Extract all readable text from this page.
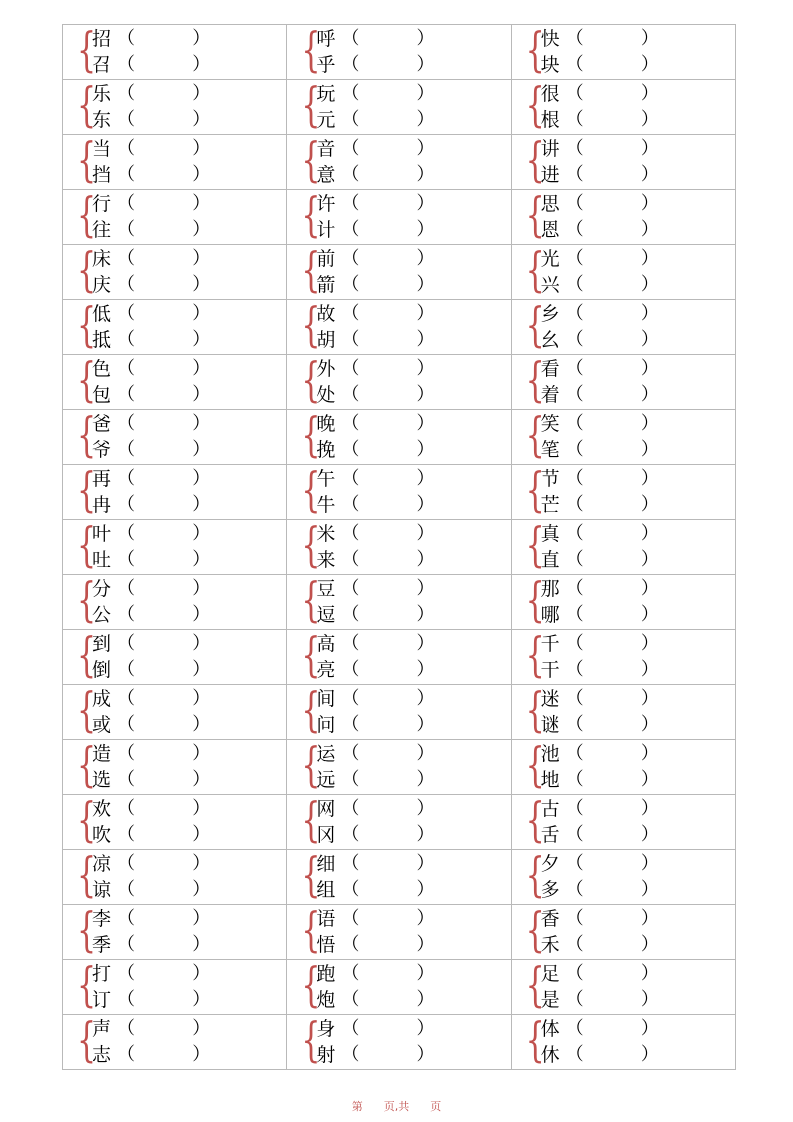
{
招
召
（          ）
（          ）	{
呼
乎
（          ）
（          ）	{
快
块
（          ）
（          ）
{
乐
东
（          ）
（          ）	{
玩
元
（          ）
（          ）	{
很
根
（          ）
（          ）
{
当
挡
（          ）
（          ）	{
音
意
（          ）
（          ）	{
讲
进
（          ）
（          ）
{
行
往
（          ）
（          ）	{
许
计
（          ）
（          ）	{
思
恩
（          ）
（          ）
{
床
庆
（          ）
（          ）	{
前
箭
（          ）
（          ）	{
光
兴
（          ）
（          ）
{
低
抵
（          ）
（          ）	{
故
胡
（          ）
（          ）	{
乡
幺
（          ）
（          ）
{
色
包
（          ）
（          ）	{
外
处
（          ）
（          ）	{
看
着
（          ）
（          ）
{
爸
爷
（          ）
（          ）	{
晚
挽
（          ）
（          ）	{
笑
笔
（          ）
（          ）
{
再
冉
（          ）
（          ）	{
午
牛
（          ）
（          ）	{
节
芒
（          ）
（          ）
{
叶
吐
（          ）
（          ）	{
米
来
（          ）
（          ）	{
真
直
（          ）
（          ）
{
分
公
（          ）
（          ）	{
豆
逗
（          ）
（          ）	{
那
哪
（          ）
（          ）
{
到
倒
（          ）
（          ）	{
高
亮
（          ）
（          ）	{
千
干
（          ）
（          ）
{
成
或
（          ）
（          ）	{
间
问
（          ）
（          ）	{
迷
谜
（          ）
（          ）
{
造
选
（          ）
（          ）	{
运
远
（          ）
（          ）	{
池
地
（          ）
（          ）
{
欢
吹
（          ）
（          ）	{
网
冈
（          ）
（          ）	{
古
舌
（          ）
（          ）
{
凉
谅
（          ）
（          ）	{
细
组
（          ）
（          ）	{
夕
多
（          ）
（          ）
{
李
季
（          ）
（          ）	{
语
悟
（          ）
（          ）	{
香
禾
（          ）
（          ）
{
打
订
（          ）
（          ）	{
跑
炮
（          ）
（          ）	{
足
是
（          ）
（          ）
{
声
志
（          ）
（          ）	{
身
射
（          ）
（          ）	{
体
休
（          ）
（          ）
第 页,共 页
